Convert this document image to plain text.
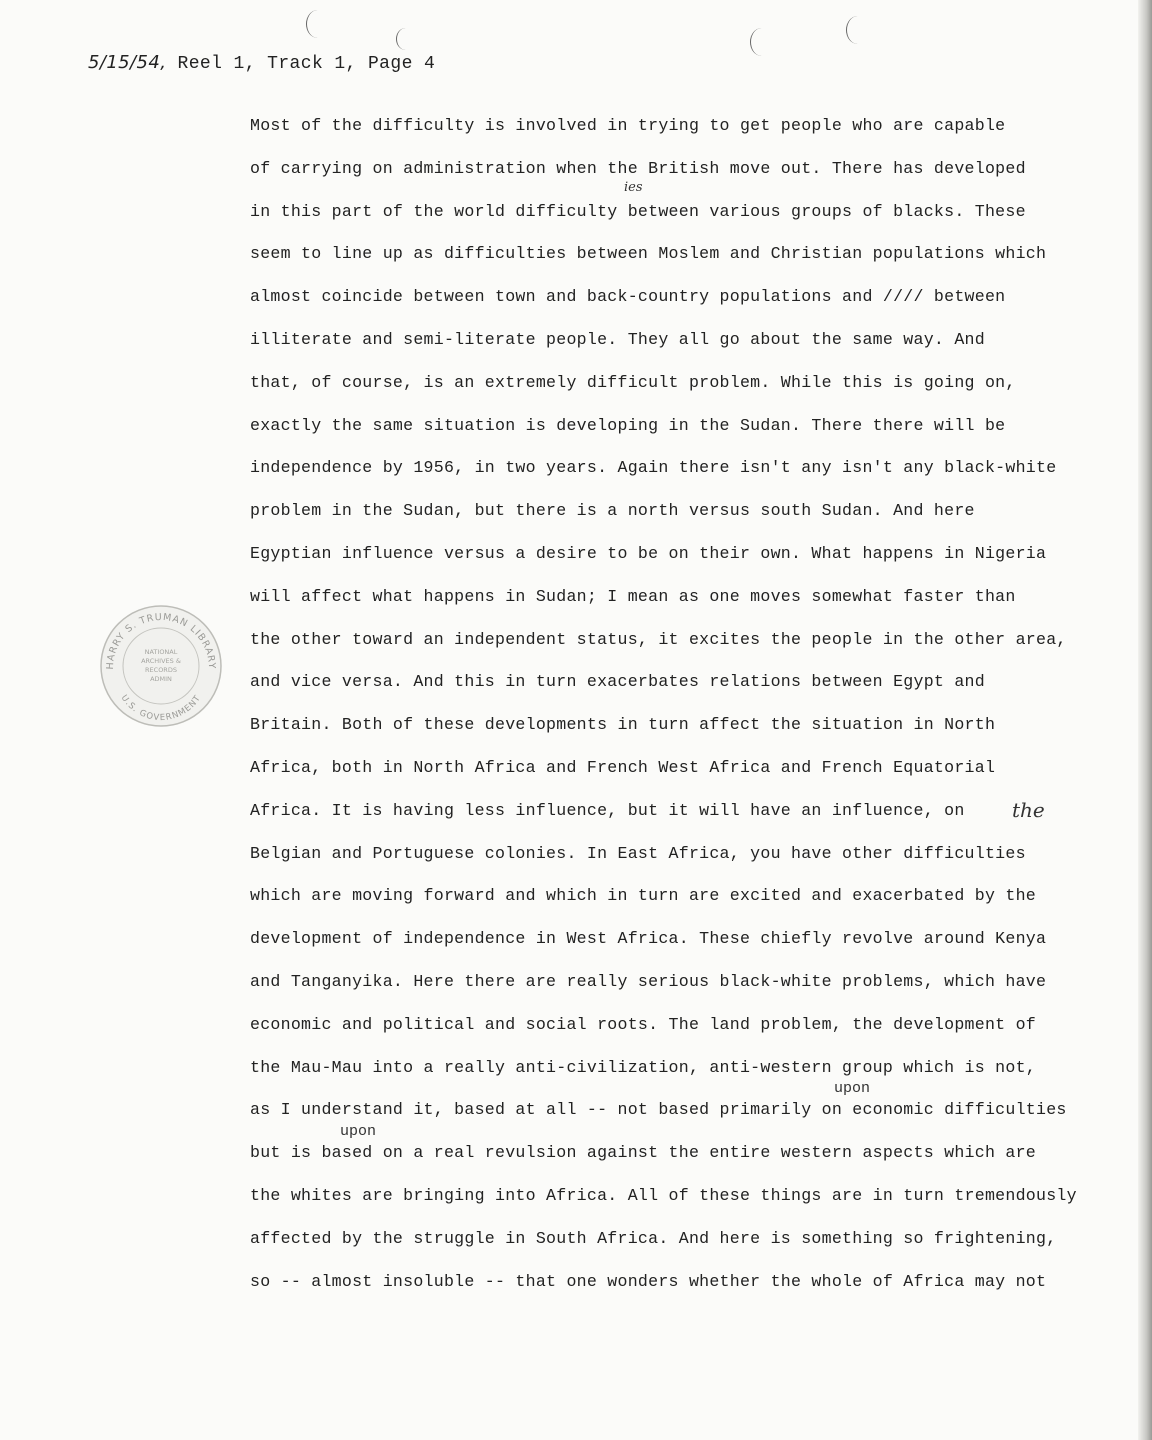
5/15/54, Reel 1, Track 1, Page 4
Most of the difficulty is involved in trying to get people who are capable
of carrying on administration when the British move out. There has developed
in this part of the world difficulty between various groups of blacks. These
seem to line up as difficulties between Moslem and Christian populations which
almost coincide between town and back-country populations and //// between
illiterate and semi-literate people. They all go about the same way. And
that, of course, is an extremely difficult problem. While this is going on,
exactly the same situation is developing in the Sudan. There there will be
independence by 1956, in two years. Again there isn't any isn't any black-white
problem in the Sudan, but there is a north versus south Sudan. And here
Egyptian influence versus a desire to be on their own. What happens in Nigeria
will affect what happens in Sudan; I mean as one moves somewhat faster than
the other toward an independent status, it excites the people in the other area,
and vice versa. And this in turn exacerbates relations between Egypt and
Britain. Both of these developments in turn affect the situation in North
Africa, both in North Africa and French West Africa and French Equatorial
Africa. It is having less influence, but it will have an influence, on
Belgian and Portuguese colonies. In East Africa, you have other difficulties
which are moving forward and which in turn are excited and exacerbated by the
development of independence in West Africa. These chiefly revolve around Kenya
and Tanganyika. Here there are really serious black-white problems, which have
economic and political and social roots. The land problem, the development of
the Mau-Mau into a really anti-civilization, anti-western group which is not,
as I understand it, based at all -- not based primarily on economic difficulties
but is based on a real revulsion against the entire western aspects which are
the whites are bringing into Africa. All of these things are in turn tremendously
affected by the struggle in South Africa. And here is something so frightening,
so -- almost insoluble -- that one wonders whether the whole of Africa may not
ies
the
upon
upon
HARRY S. TRUMAN LIBRARY
U.S. GOVERNMENT
NATIONAL
ARCHIVES &
RECORDS
ADMIN
